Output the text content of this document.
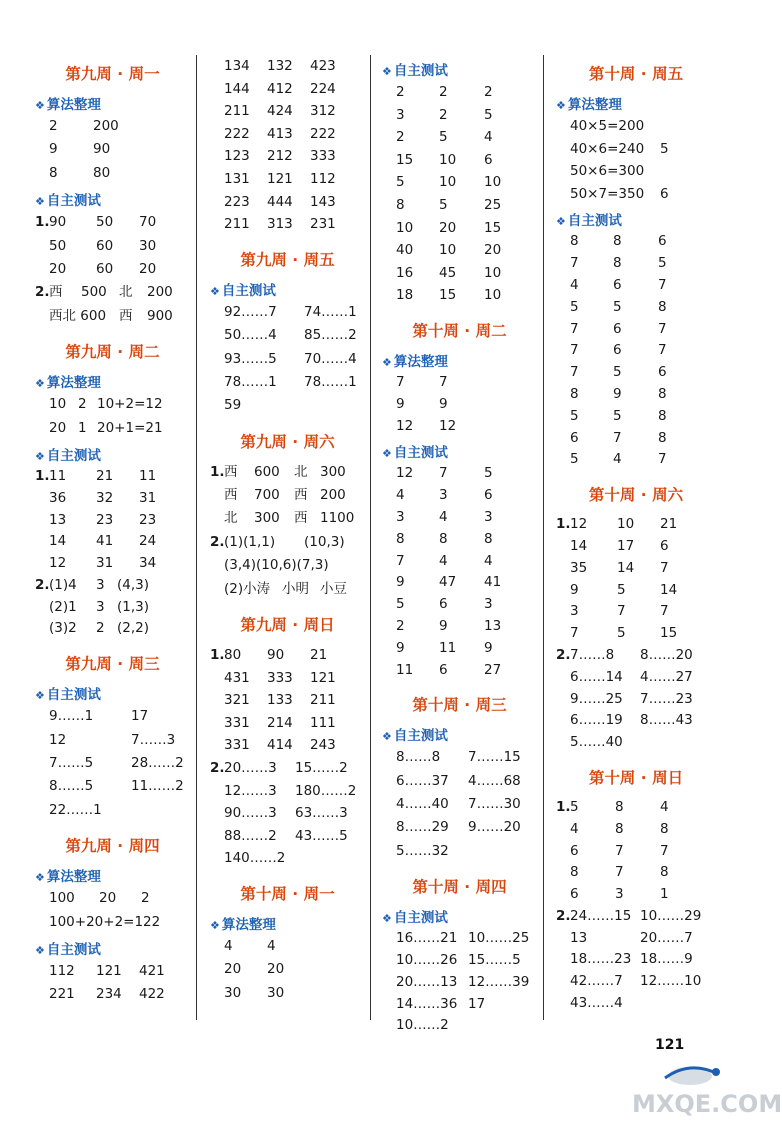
第九周 · 周一
❖ 算法整理
2	200
9	90
8	80
❖ 自主测试
1. 90 50 70
50 60 30
20 60 20
2. 西 500 北 200
西北 600 西 900
第九周 · 周二
❖ 算法整理
10 2 10+2=12
20 1 20+1=21
❖ 自主测试
1. 11 21 11
36 32 31
13 23 23
14 41 24
12 31 34
2. (1)4 3 (4,3)
(2)1 3 (1,3)
(3)2 2 (2,2)
第九周 · 周三
❖ 自主测试
9……1	17
12	7……3
7……5	28……2
8……5	11……2
22……1
第九周 · 周四
❖ 算法整理
100 20 2
100+20+2=122
❖ 自主测试
112 121 421
221 234 422
134 132 423
144 412 224
211 424 312
222 413 222
123 212 333
131 121 112
223 444 143
211 313 231
第九周 · 周五
❖ 自主测试
92……7 74……1
50……4 85……2
93……5 70……4
78……1 78……1
59
第九周 · 周六
1. 西 600 北 300
西 700 西 200
北 300 西 1100
2. (1)(1,1) (10,3)
(3,4)(10,6)(7,3)
(2)小涛 小明 小豆
第九周 · 周日
1. 80 90 21
431 333 121
321 133 211
331 214 111
331 414 243
2. 20……3 15……2
12……3 180……2
90……3 63……3
88……2 43……5
140……2
第十周 · 周一
❖ 算法整理
4	4
20 20
30 30
❖ 自主测试
2	2	2
3	2	5
2	5	4
15 10 6
5	10 10
8	5	25
10 20 15
40 10 20
16 45 10
18 15 10
第十周 · 周二
❖ 算法整理
7	7
9	9
12 12
❖ 自主测试
12 7	5
4	3	6
3	4	3
8	8	8
7	4	4
9	47 41
5	6	3
2	9	13
9	11 9
11 6	27
第十周 · 周三
❖ 自主测试
8……8 7……15
6……37 4……68
4……40 7……30
8……29 9……20
5……32
第十周 · 周四
❖ 自主测试
16……21 10……25
10……26 15……5
20……13 12……39
14……36 17
10……2
第十周 · 周五
❖ 算法整理
40×5=200
40×6=240 5
50×6=300
50×7=350 6
❖ 自主测试
8	8	6
7	8	5
4	6	7
5	5	8
7	6	7
7	6	7
7	5	6
8	9	8
5	5	8
6	7	8
5	4	7
第十周 · 周六
1. 12 10 21
14 17 6
35 14 7
9	5	14
3	7	7
7	5	15
2. 7……8 8……20
6……14 4……27
9……25 7……23
6……19 8……43
5……40
第十周 · 周日
1. 5	8	4
4	8	8
6	7	7
8	7	8
6	3	1
2. 24……15 10……29
13	20……7
18……23 18……9
42……7 12……10
43……4
121
MXQE.COM
